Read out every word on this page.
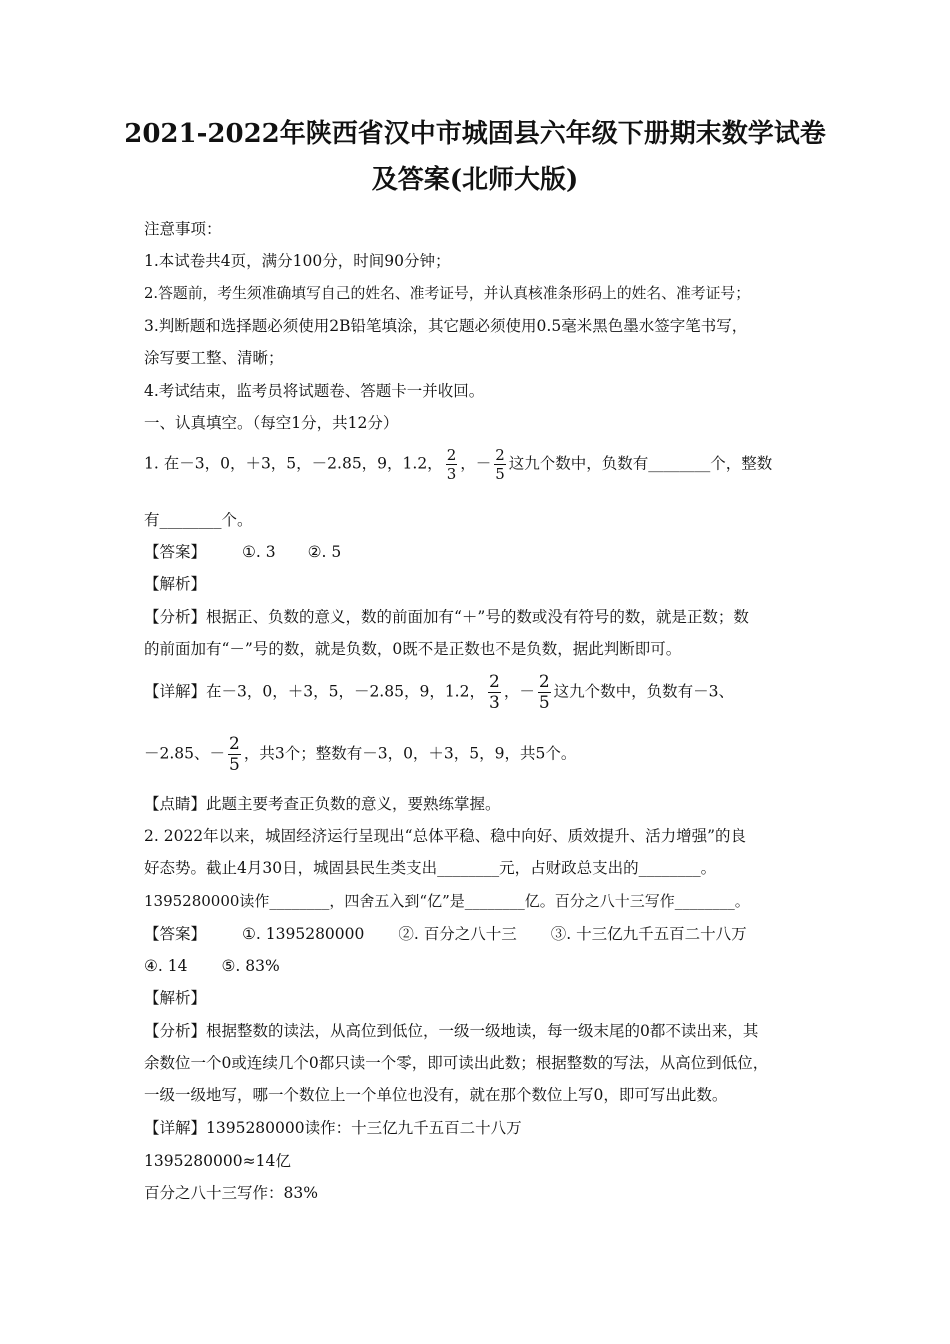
2021-2022年陕西省汉中市城固县六年级下册期末数学试卷
及答案(北师大版)
注意事项：
1.本试卷共4页，满分100分，时间90分钟；
2.答题前，考生须准确填写自己的姓名、准考证号，并认真核准条形码上的姓名、准考证号；
3.判断题和选择题必须使用2B铅笔填涂，其它题必须使用0.5毫米黑色墨水签字笔书写，
涂写要工整、清晰；
4.考试结束，监考员将试题卷、答题卡一并收回。
一、认真填空。（每空1分，共12分）
1. 在－3，0，＋3，5，－2.85，9，1.2， $\frac{2}{3}$ ，－ $\frac{2}{5}$ 这九个数中，负数有________个，整数
有________个。
【答案】 ①. 3 ②. 5
【解析】
【分析】根据正、负数的意义，数的前面加有“＋”号的数或没有符号的数，就是正数；数
的前面加有“－”号的数，就是负数，0既不是正数也不是负数，据此判断即可。
【详解】在－3，0，＋3，5，－2.85，9，1.2， $\frac{2}{3}$ ，－ $\frac{2}{5}$ 这九个数中，负数有－3、
－2.85、－ $\frac{2}{5}$ ，共3个；整数有－3，0，＋3，5，9，共5个。
【点睛】此题主要考查正负数的意义，要熟练掌握。
2. 2022年以来，城固经济运行呈现出“总体平稳、稳中向好、质效提升、活力增强”的良
好态势。截止4月30日，城固县民生类支出________元，占财政总支出的________。
1395280000读作________，四舍五入到“亿”是________亿。百分之八十三写作________。
【答案】 ①. 1395280000 ②. 百分之八十三 ③. 十三亿九千五百二十八万
④. 14 ⑤. 83%
【解析】
【分析】根据整数的读法，从高位到低位，一级一级地读，每一级末尾的0都不读出来，其
余数位一个0或连续几个0都只读一个零，即可读出此数；根据整数的写法，从高位到低位，
一级一级地写，哪一个数位上一个单位也没有，就在那个数位上写0，即可写出此数。
【详解】1395280000读作：十三亿九千五百二十八万
1395280000≈14亿
百分之八十三写作：83%
